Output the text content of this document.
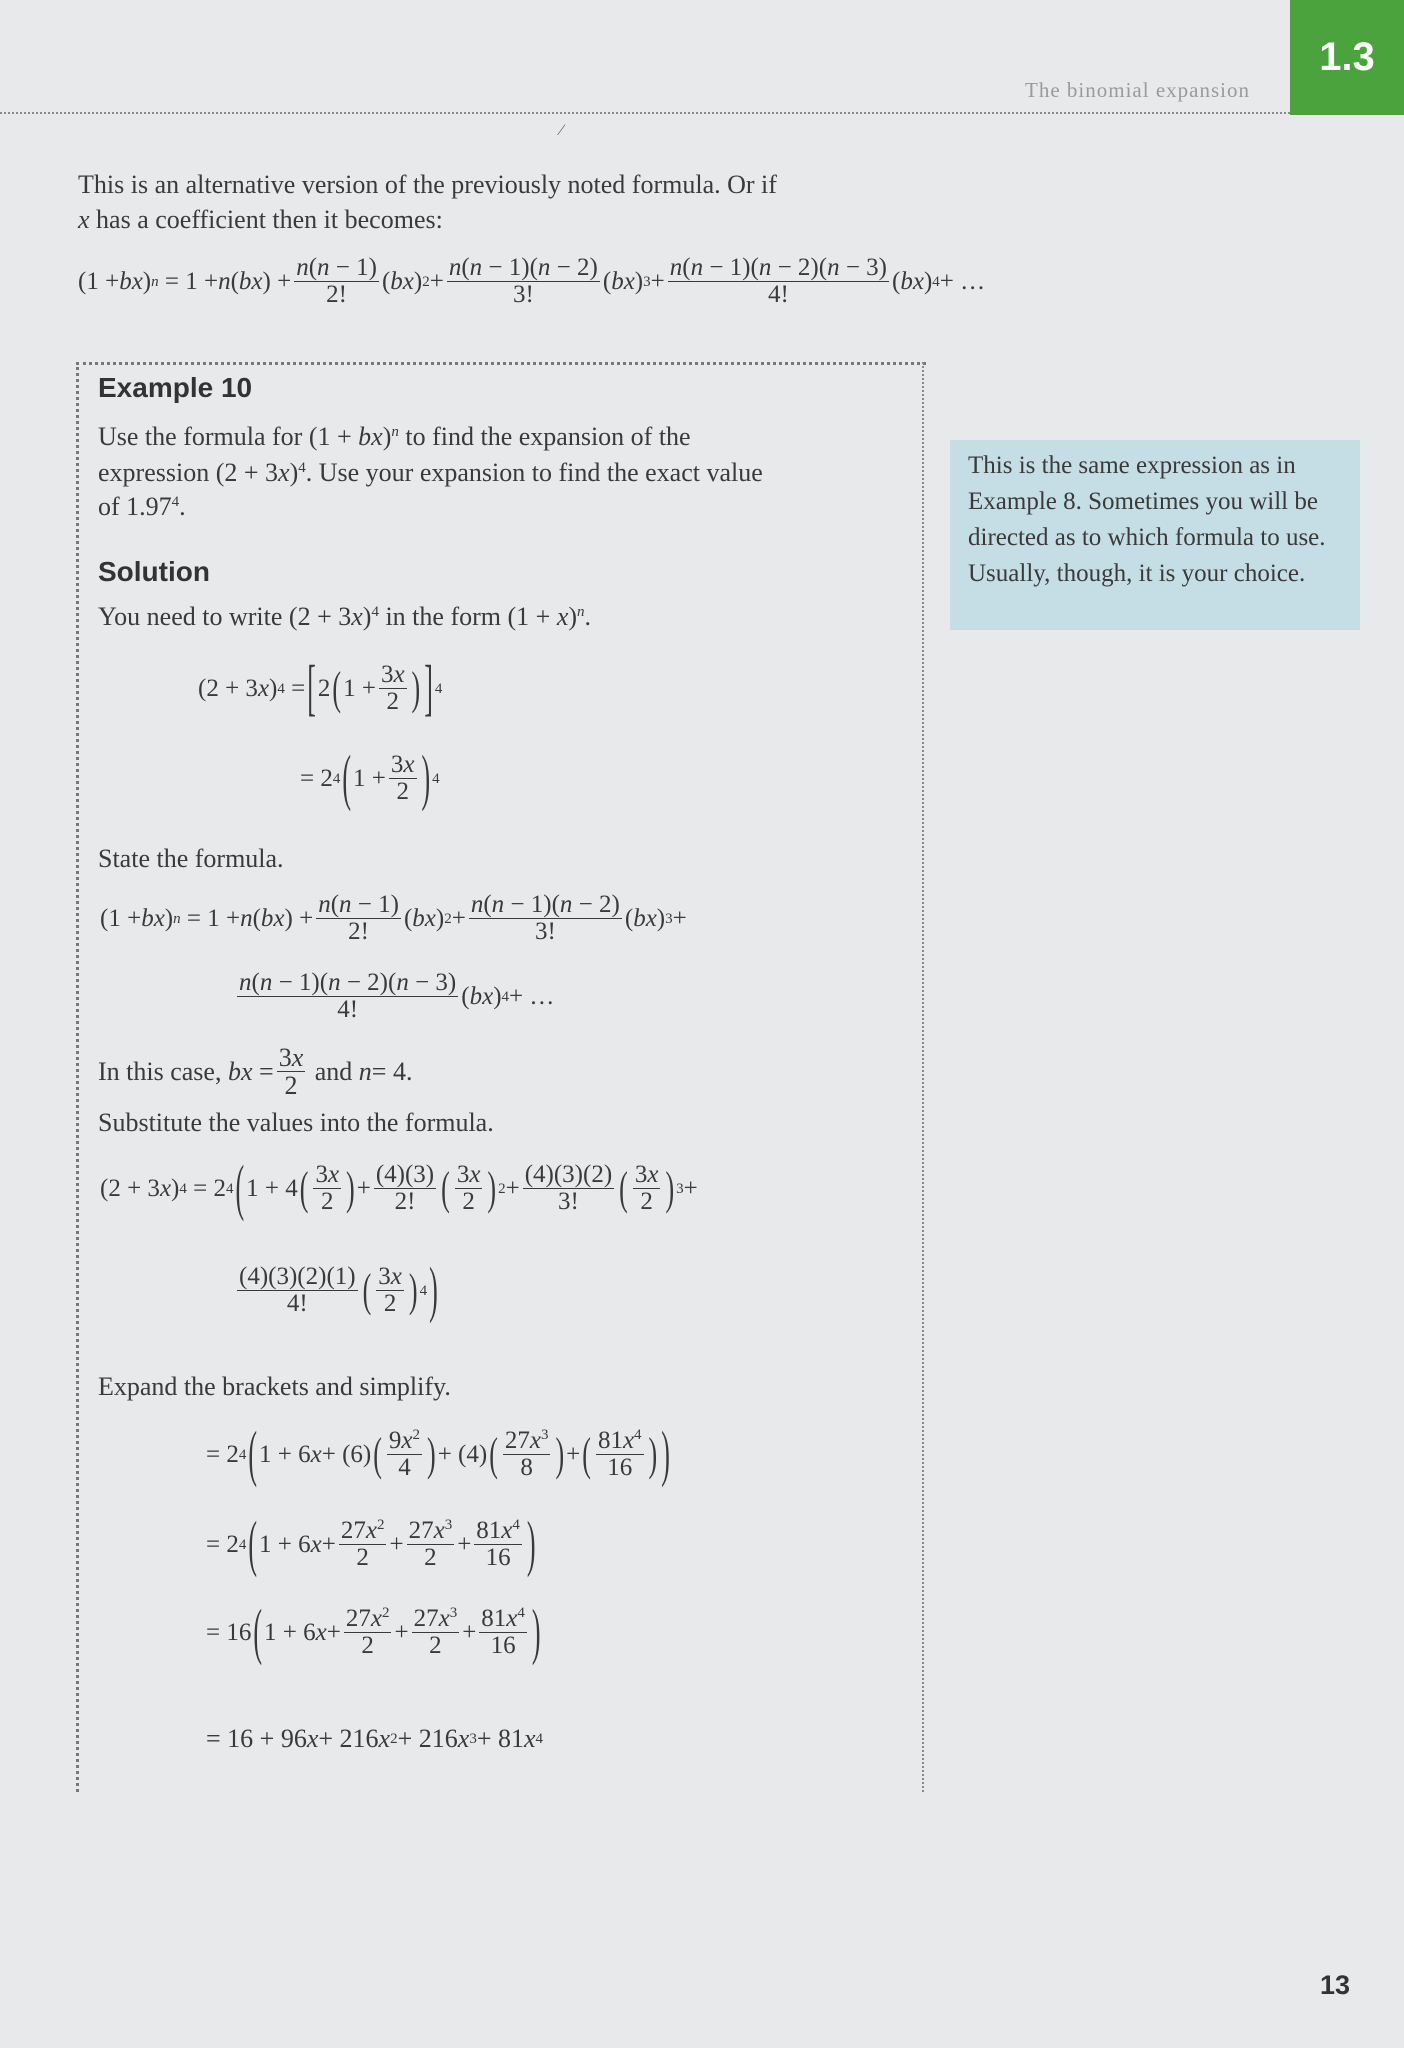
The binomial expansion
1.3
⁄
This is an alternative version of the previously noted formula. Or if
x has a coefficient then it becomes:
(1 + bx ) n = 1 + n ( bx ) + $\frac{n(n - 1)}{2!}$ ( bx ) $2 + \frac{n(n - 1)(n - 2)}{3!}$ ( bx ) $3 + \frac{n(n - 1)(n - 2)(n - 3)}{4!}$ ( bx ) 4 + …
Example 10
Use the formula for (1 + bx)$^n$ to find the expansion of the
expression $(2 + 3x)^4$. Use your expansion to find the exact value
of 1.97$^4$.
Solution
You need to write $(2 + 3x)^4$ in the form $(1 + x)^n$.
(2 + 3 x ) 4 = [ 2 ( $1 + \frac{3x}{2}$ ) ] 4
= 2 4 ( $1 + \frac{3x}{2}$ ) 4
State the formula.
(1 + bx ) n = 1 + n ( bx ) + $\frac{n(n - 1)}{2!}$ ( bx ) $2 + \frac{n(n - 1)(n - 2)}{3!}$ ( bx ) 3 +
$\frac{n(n - 1)(n - 2)(n - 3)}{4!}$ ( bx ) 4 + …
In this case,
bx = $\frac{3x}{2}$
and
n = 4.
Substitute the values into the formula.
(2 + 3 x ) 4 = 2 4 ( 1 + 4 ( $\frac{3x}{2}$ ) + $\frac{(4)(3)}{2!}$ ( $\frac{3x}{2}$ ) $2 + \frac{(4)(3)(2)}{3!}$ ( $\frac{3x}{2}$ ) 3 +
$\frac{(4)(3)(2)(1)}{4!}$ ( $\frac{3x}{2}$ ) 4 )
Expand the brackets and simplify.
= 2 4 ( 1 + 6 x + (6) ( $\frac{9x^2}{4}$ ) + (4) ( $\frac{27x^3}{8}$ ) + ( $\frac{81x^4}{16}$ ) )
= 2 4 ( 1 + 6 $x + \frac{27x^2}{2} + \frac{27x^3}{2} + \frac{81x^4}{16}$ )
= 16 ( 1 + 6 $x + \frac{27x^2}{2} + \frac{27x^3}{2} + \frac{81x^4}{16}$ )
= 16 + 96 x + 216 x 2 + 216 x 3 + 81 x 4
This is the same expression as in Example 8. Sometimes you will be directed as to which formula to use. Usually, though, it is your choice.
13
